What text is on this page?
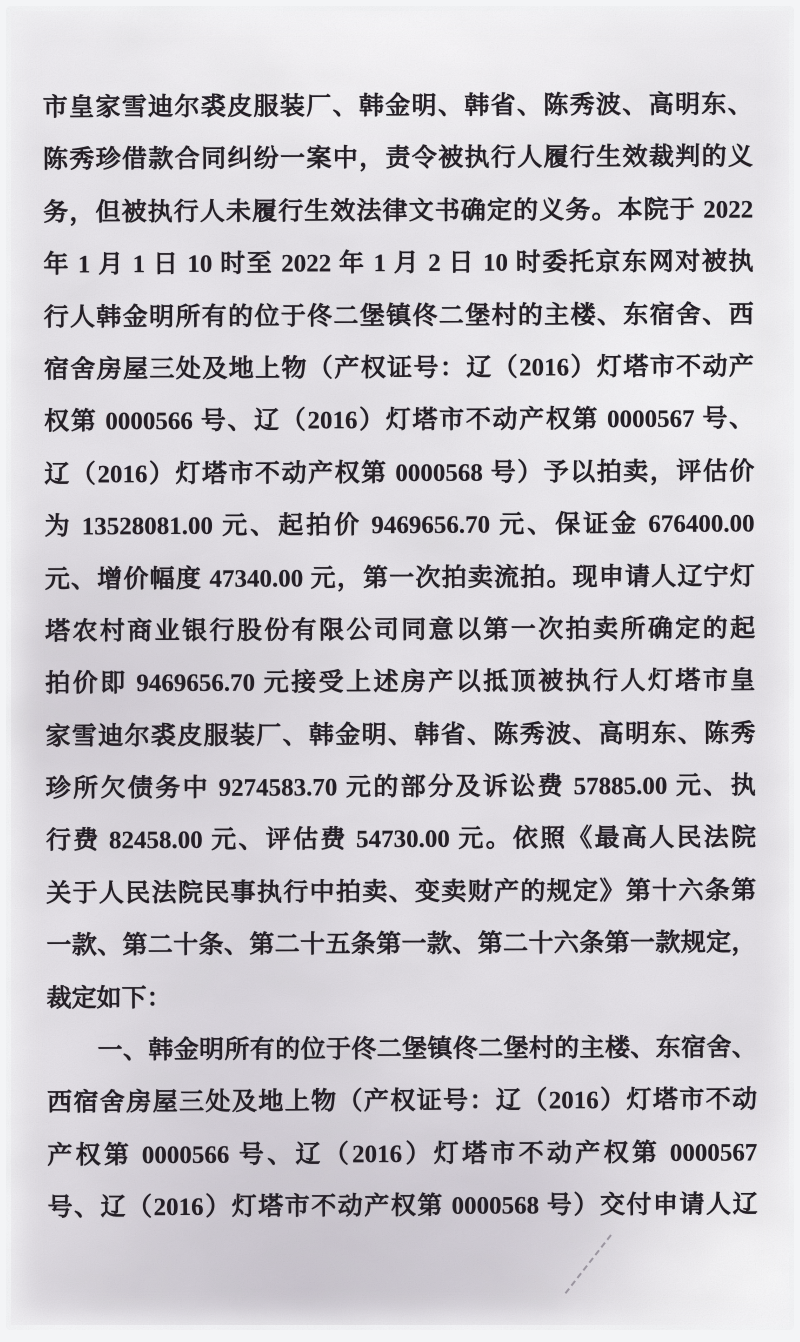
市皇家雪迪尔裘皮服装厂、韩金明、韩省、陈秀波、高明东、
陈秀珍借款合同纠纷一案中，责令被执行人履行生效裁判的义
务，但被执行人未履行生效法律文书确定的义务。本院于 2022
年 1 月 1 日 10 时至 2022 年 1 月 2 日 10 时委托京东网对被执
行人韩金明所有的位于佟二堡镇佟二堡村的主楼、东宿舍、西
宿舍房屋三处及地上物（产权证号：辽（2016）灯塔市不动产
权第 0000566 号、辽（2016）灯塔市不动产权第 0000567 号、
辽（2016）灯塔市不动产权第 0000568 号）予以拍卖，评估价
为 13528081.00 元、起拍价 9469656.70 元、保证金 676400.00
元、增价幅度 47340.00 元，第一次拍卖流拍。现申请人辽宁灯
塔农村商业银行股份有限公司同意以第一次拍卖所确定的起
拍价即 9469656.70 元接受上述房产以抵顶被执行人灯塔市皇
家雪迪尔裘皮服装厂、韩金明、韩省、陈秀波、高明东、陈秀
珍所欠债务中 9274583.70 元的部分及诉讼费 57885.00 元、执
行费 82458.00 元、评估费 54730.00 元。依照《最高人民法院
关于人民法院民事执行中拍卖、变卖财产的规定》第十六条第
一款、第二十条、第二十五条第一款、第二十六条第一款规定，
裁定如下：
　　一、韩金明所有的位于佟二堡镇佟二堡村的主楼、东宿舍、
西宿舍房屋三处及地上物（产权证号：辽（2016）灯塔市不动
产权第 0000566 号、辽（2016）灯塔市不动产权第 0000567
号、辽（2016）灯塔市不动产权第 0000568 号）交付申请人辽
